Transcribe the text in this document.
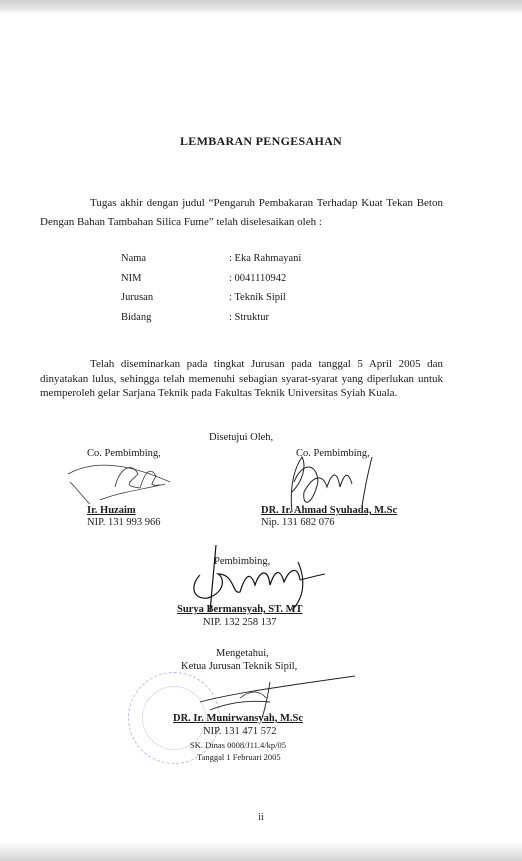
LEMBARAN PENGESAHAN
Tugas akhir dengan judul “Pengaruh Pembakaran Terhadap Kuat Tekan Beton Dengan Bahan Tambahan Silica Fume” telah diselesaikan oleh :
Nama	: Eka Rahmayani
NIM	: 0041110942
Jurusan	: Teknik Sipil
Bidang	: Struktur
Telah diseminarkan pada tingkat Jurusan pada tanggal 5 April 2005 dan dinyatakan lulus, sehingga telah memenuhi sebagian syarat-syarat yang diperlukan untuk memperoleh gelar Sarjana Teknik pada Fakultas Teknik Universitas Syiah Kuala.
Disetujui Oleh,
Co. Pembimbing,
Ir. Huzaim
NIP. 131 993 966
Co. Pembimbing,
DR. Ir. Ahmad Syuhada, M.Sc
Nip. 131 682 076
Pembimbing,
Surya Bermansyah, ST. MT
NIP. 132 258 137
Mengetahui,
Ketua Jurusan Teknik Sipil,
DR. Ir. Munirwansyah, M.Sc
NIP. 131 471 572
SK. Dinas 0008/J11.4/kp/05
Tanggal 1 Februari 2005
ii
